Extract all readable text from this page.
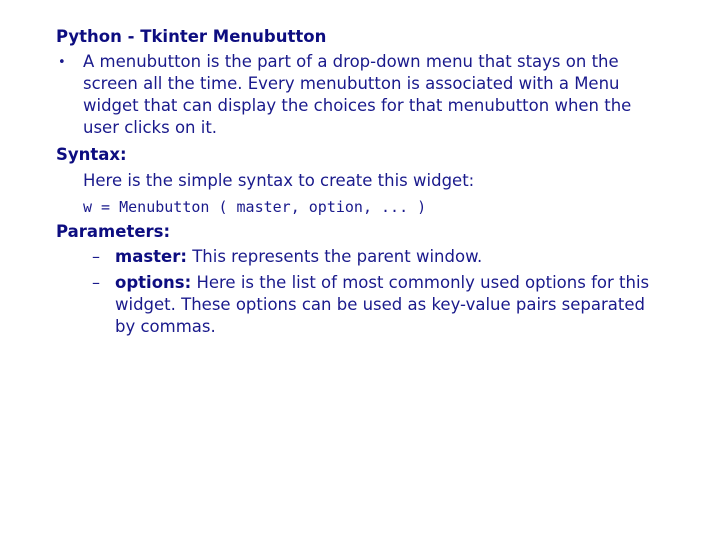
Python - Tkinter Menubutton
• A menubutton is the part of a drop-down menu that stays on the
screen all the time. Every menubutton is associated with a Menu
widget that can display the choices for that menubutton when the
user clicks on it.
Syntax:
Here is the simple syntax to create this widget:
w = Menubutton ( master, option, ... )
Parameters:
– master: This represents the parent window.
– options: Here is the list of most commonly used options for this
widget. These options can be used as key-value pairs separated
by commas.
